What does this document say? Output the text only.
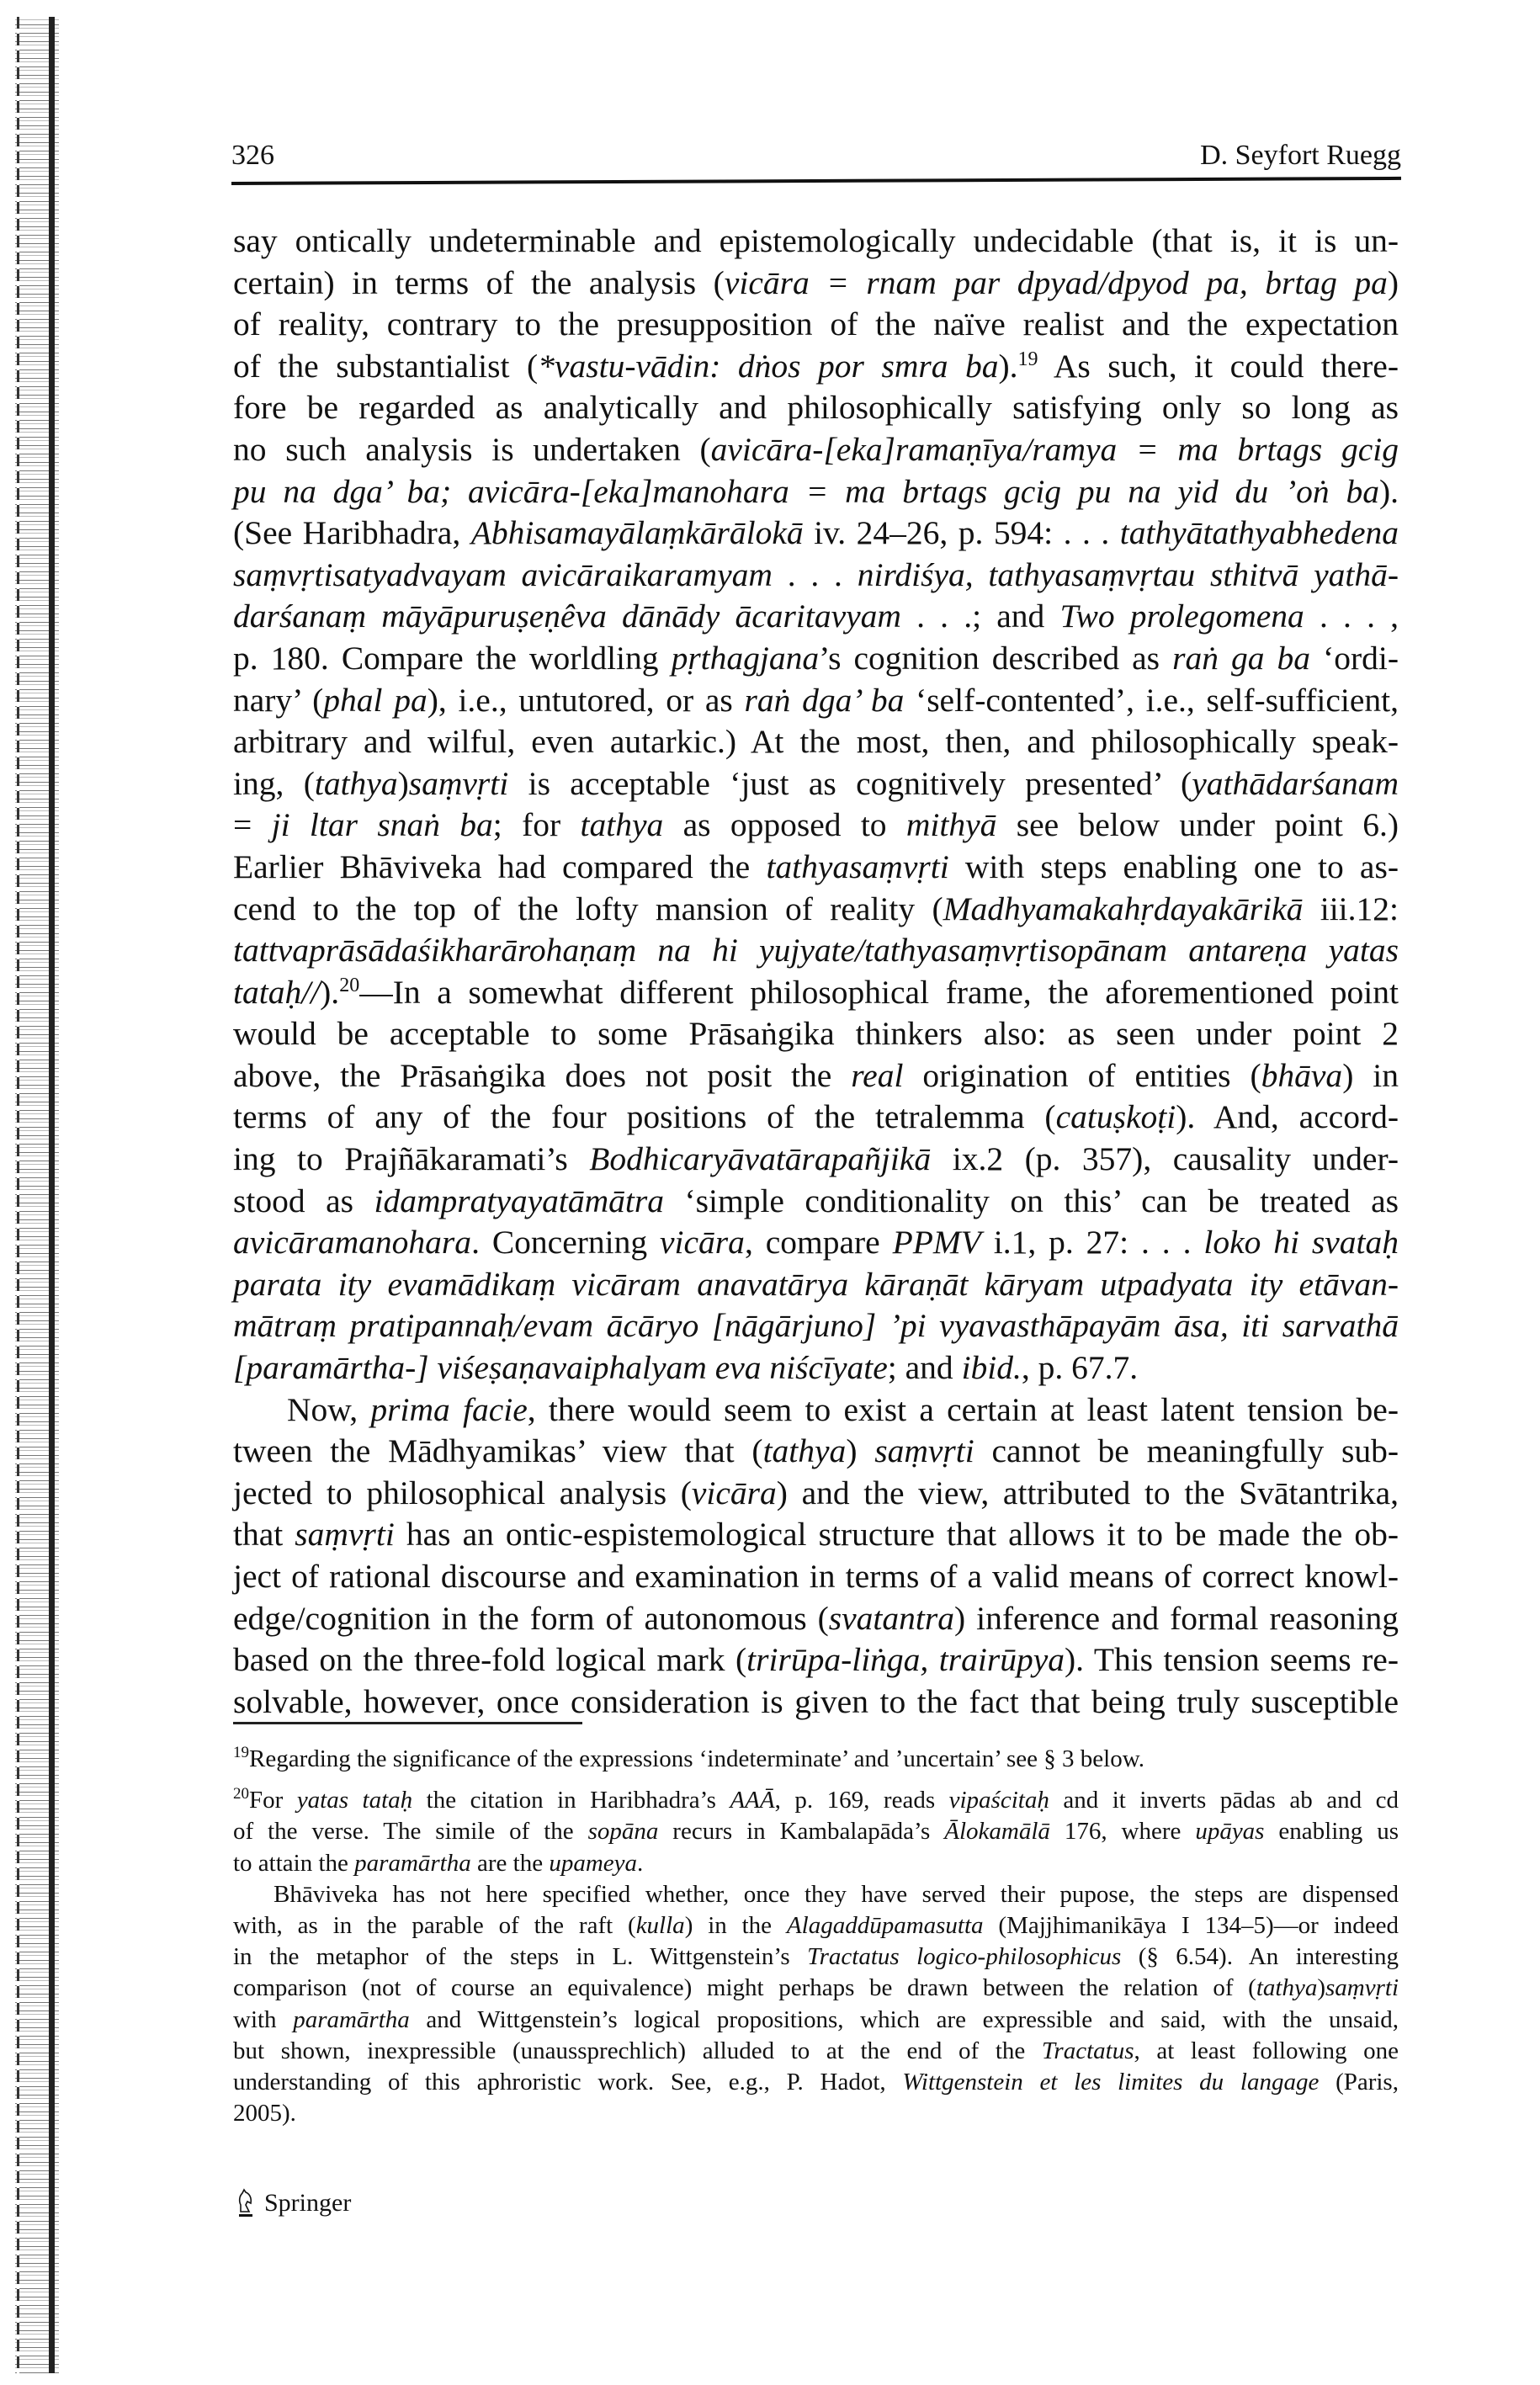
326	D. Seyfort Ruegg
say ontically undeterminable and epistemologically undecidable (that is, it is un-
certain) in terms of the analysis (vicāra = rnam par dpyad/dpyod pa, brtag pa)
of reality, contrary to the presupposition of the naïve realist and the expectation
of the substantialist (*vastu-vādin: dṅos por smra ba).$^{19}$ As such, it could there-
fore be regarded as analytically and philosophically satisfying only so long as
no such analysis is undertaken (avicāra-[eka]ramaṇīya/ramya = ma brtags gcig
pu na dga’ ba; avicāra-[eka]manohara = ma brtags gcig pu na yid du ’oṅ ba).
(See Haribhadra, Abhisamayālaṃkārālokā iv. 24–26, p. 594: . . . tathyātathyabhedena
saṃvṛtisatyadvayam avicāraikaramyam . . . nirdiśya, tathyasaṃvṛtau sthitvā yathā-
darśanaṃ māyāpuruṣeṇêva dānādy ācaritavyam . . .; and Two prolegomena . . . ,
p. 180. Compare the worldling pṛthagjana’s cognition described as raṅ ga ba ‘ordi-
nary’ (phal pa), i.e., untutored, or as raṅ dga’ ba ‘self-contented’, i.e., self-sufficient,
arbitrary and wilful, even autarkic.) At the most, then, and philosophically speak-
ing, (tathya)saṃvṛti is acceptable ‘just as cognitively presented’ (yathādarśanam
= ji ltar snaṅ ba; for tathya as opposed to mithyā see below under point 6.)
Earlier Bhāviveka had compared the tathyasaṃvṛti with steps enabling one to as-
cend to the top of the lofty mansion of reality (Madhyamakahṛdayakārikā iii.12:
tattvaprāsādaśikharārohaṇaṃ na hi yujyate/tathyasaṃvṛtisopānam antareṇa yatas
tataḥ//).$^{20}$—In a somewhat different philosophical frame, the aforementioned point
would be acceptable to some Prāsaṅgika thinkers also: as seen under point 2
above, the Prāsaṅgika does not posit the real origination of entities (bhāva) in
terms of any of the four positions of the tetralemma (catuṣkoṭi). And, accord-
ing to Prajñākaramati’s Bodhicaryāvatārapañjikā ix.2 (p. 357), causality under-
stood as idampratyayatāmātra ‘simple conditionality on this’ can be treated as
avicāramanohara. Concerning vicāra, compare PPMV i.1, p. 27: . . . loko hi svataḥ
parata ity evamādikaṃ vicāram anavatārya kāraṇāt kāryam utpadyata ity etāvan-
mātraṃ pratipannaḥ/evam ācāryo [nāgārjuno] ’pi vyavasthāpayām āsa, iti sarvathā
[paramārtha-] viśeṣaṇavaiphalyam eva niścīyate; and ibid., p. 67.7.
Now, prima facie, there would seem to exist a certain at least latent tension be-
tween the Mādhyamikas’ view that (tathya) saṃvṛti cannot be meaningfully sub-
jected to philosophical analysis (vicāra) and the view, attributed to the Svātantrika,
that saṃvṛti has an ontic-espistemological structure that allows it to be made the ob-
ject of rational discourse and examination in terms of a valid means of correct knowl-
edge/cognition in the form of autonomous (svatantra) inference and formal reasoning
based on the three-fold logical mark (trirūpa-liṅga, trairūpya). This tension seems re-
solvable, however, once consideration is given to the fact that being truly susceptible
$^{19}$Regarding the significance of the expressions ‘indeterminate’ and ’uncertain’ see § 3 below.
$^{20}$For yatas tataḥ the citation in Haribhadra’s AAĀ, p. 169, reads vipaścitaḥ and it inverts pādas ab and cd
of the verse. The simile of the sopāna recurs in Kambalapāda’s Ālokamālā 176, where upāyas enabling us
to attain the paramārtha are the upameya.
Bhāviveka has not here specified whether, once they have served their pupose, the steps are dispensed
with, as in the parable of the raft (kulla) in the Alagaddūpamasutta (Majjhimanikāya I 134–5)—or indeed
in the metaphor of the steps in L. Wittgenstein’s Tractatus logico-philosophicus (§ 6.54). An interesting
comparison (not of course an equivalence) might perhaps be drawn between the relation of (tathya)saṃvṛti
with paramārtha and Wittgenstein’s logical propositions, which are expressible and said, with the unsaid,
but shown, inexpressible (unaussprechlich) alluded to at the end of the Tractatus, at least following one
understanding of this aphroristic work. See, e.g., P. Hadot, Wittgenstein et les limites du langage (Paris,
2005).
Springer
